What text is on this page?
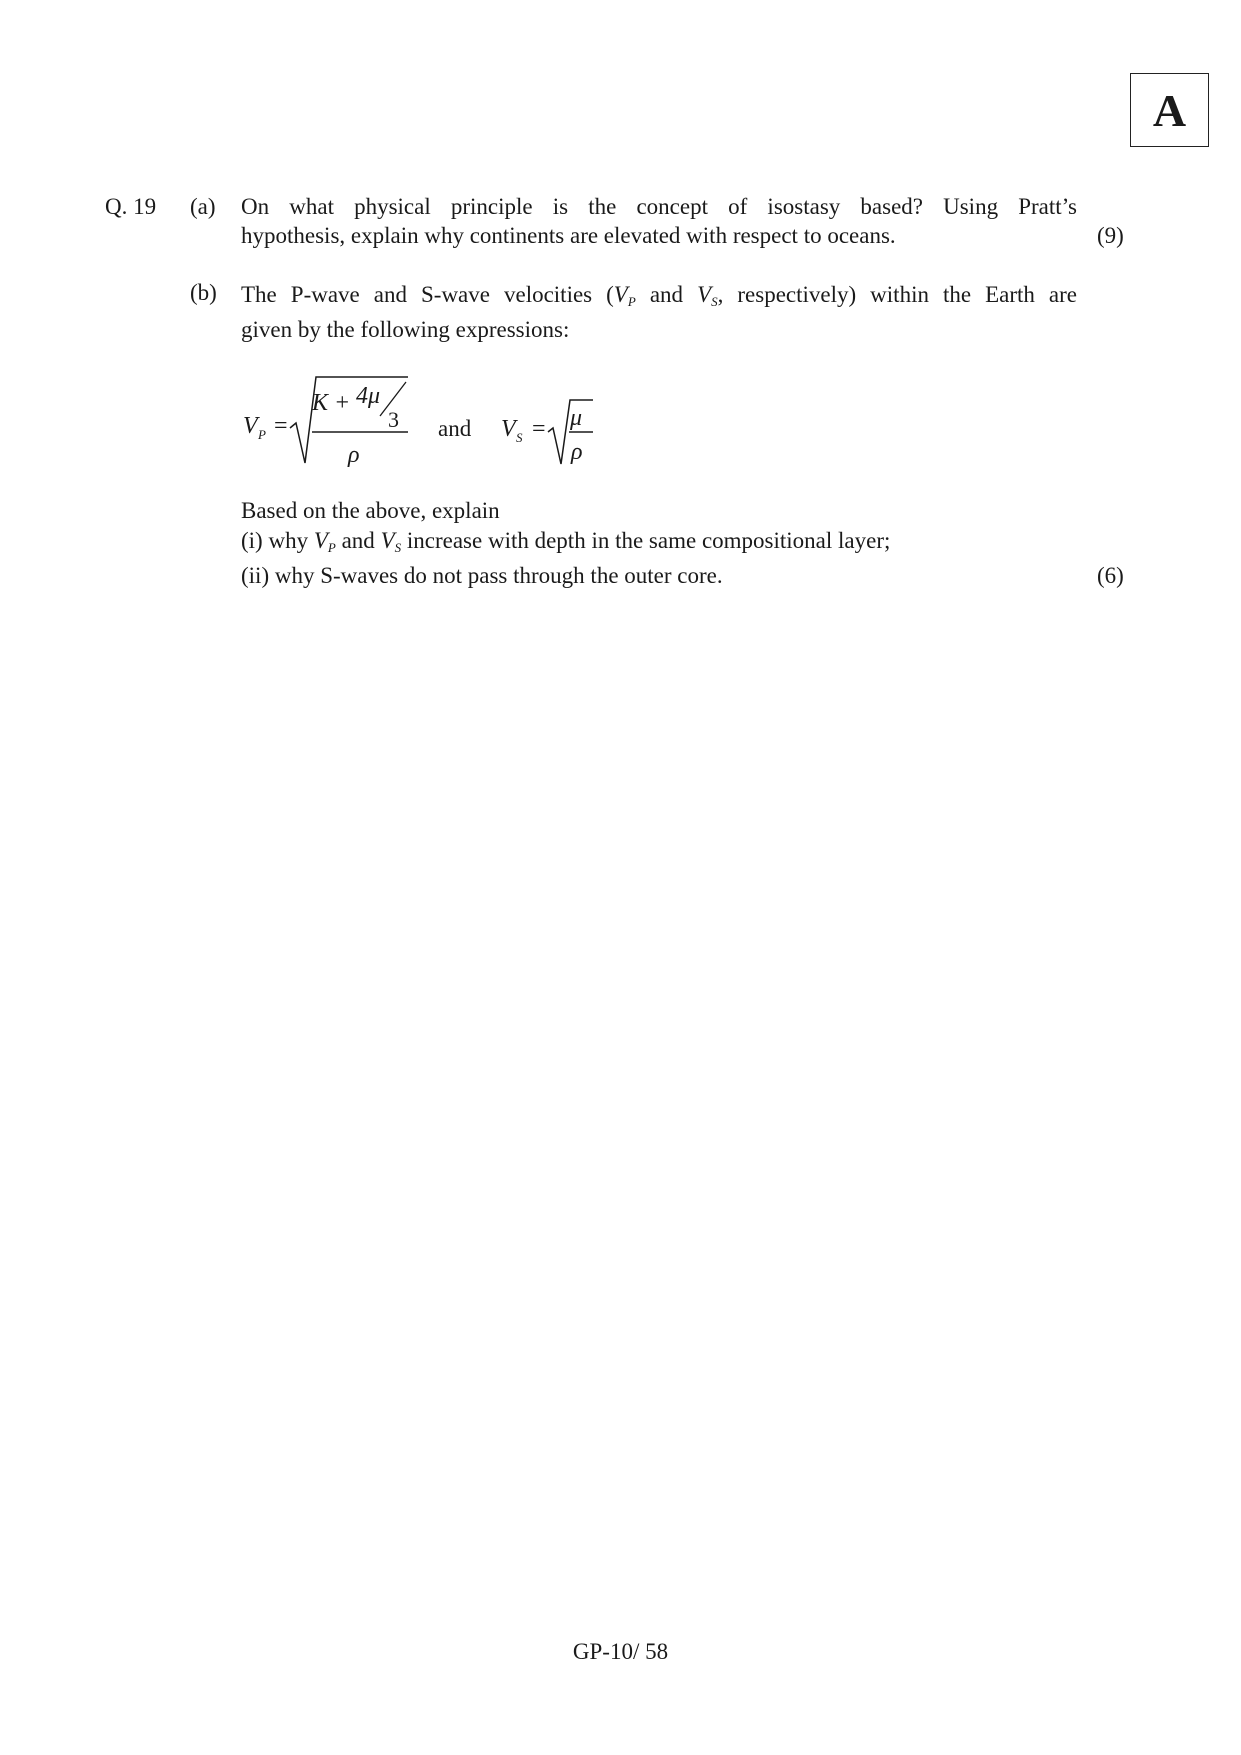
A
Q. 19 (a) On what physical principle is the concept of isostasy based? Using Pratt’s
hypothesis, explain why continents are elevated with respect to oceans.	(9)
(b) The P-wave and S-wave velocities ($V_P$ and $V_S$, respectively) within the Earth are
given by the following expressions:
V P =
K + 4μ
3
ρ
and V S = μ
ρ
Based on the above, explain
(i) why $V_P$ and $V_S$ increase with depth in the same compositional layer;
(ii) why S-waves do not pass through the outer core.	(6)
GP-10/ 58
